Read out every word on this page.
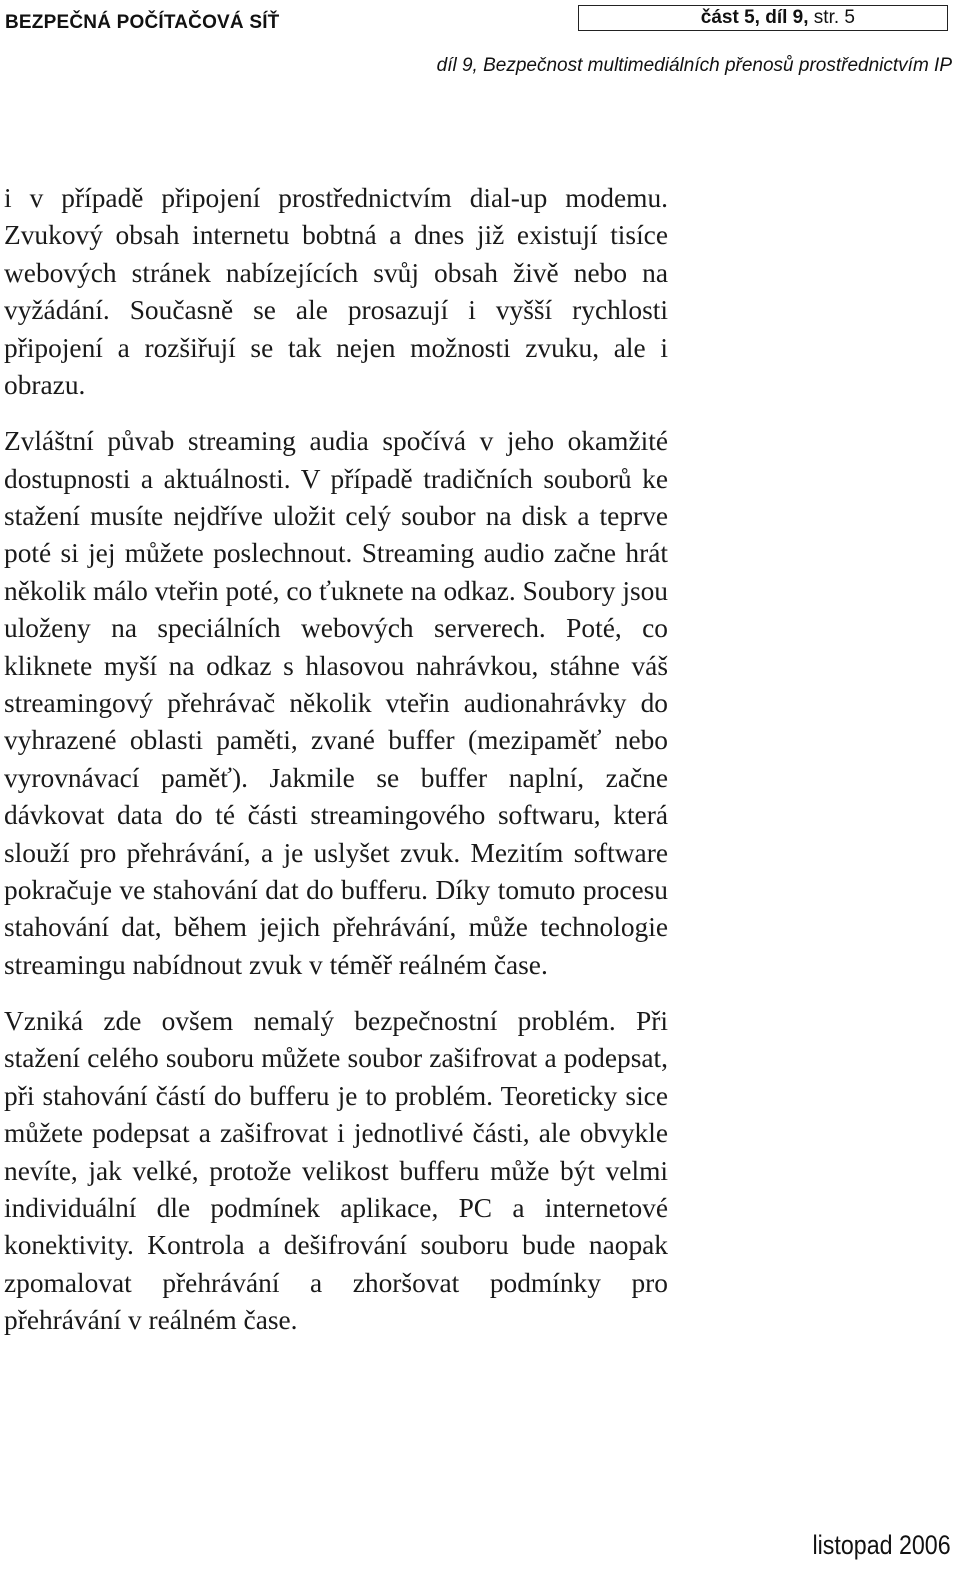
BEZPEČNÁ POČÍTAČOVÁ SÍŤ	část 5, díl 9, str. 5
díl 9, Bezpečnost multimediálních přenosů prostřednictvím IP

i v případě připojení prostřednictvím dial-up modemu. Zvukový obsah internetu bobtná a dnes již existují tisíce webových stránek nabízejících svůj obsah živě nebo na vyžádání. Současně se ale prosazují i vyšší rychlosti připojení a rozšiřují se tak nejen možnosti zvuku, ale i obrazu.

Zvláštní půvab streaming audia spočívá v jeho okamžité dostupnosti a aktuálnosti. V případě tradičních souborů ke stažení musíte nejdříve uložit celý soubor na disk a teprve poté si jej můžete poslechnout. Streaming audio začne hrát několik málo vteřin poté, co ťuknete na odkaz. Soubory jsou uloženy na speciálních webových serverech. Poté, co kliknete myší na odkaz s hlasovou nahrávkou, stáhne váš streamingový přehrávač několik vteřin audionahrávky do vyhrazené oblasti paměti, zvané buffer (mezipaměť nebo vyrovnávací paměť). Jakmile se buffer naplní, začne dávkovat data do té části streamingového softwaru, která slouží pro přehrávání, a je uslyšet zvuk. Mezitím software pokračuje ve stahování dat do bufferu. Díky tomuto procesu stahování dat, během jejich přehrávání, může technologie streamingu nabídnout zvuk v téměř reálném čase.

Vzniká zde ovšem nemalý bezpečnostní problém. Při stažení celého souboru můžete soubor zašifrovat a podepsat, při stahování částí do bufferu je to problém. Teoreticky sice můžete podepsat a zašifrovat i jednotlivé části, ale obvykle nevíte, jak velké, protože velikost bufferu může být velmi individuální dle podmínek aplikace, PC a internetové konektivity. Kontrola a dešifrování souboru bude naopak zpomalovat přehrávání a zhoršovat podmínky pro přehrávání v reálném čase.

listopad 2006
